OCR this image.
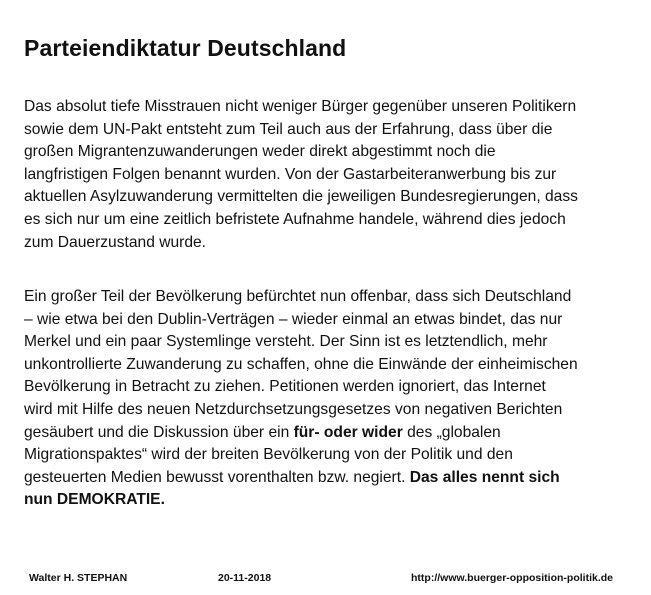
Parteiendiktatur Deutschland

Das absolut tiefe Misstrauen nicht weniger Bürger gegenüber unseren Politikern
sowie dem UN-Pakt entsteht zum Teil auch aus der Erfahrung, dass über die
großen Migrantenzuwanderungen weder direkt abgestimmt noch die
langfristigen Folgen benannt wurden. Von der Gastarbeiteranwerbung bis zur
aktuellen Asylzuwanderung vermittelten die jeweiligen Bundesregierungen, dass
es sich nur um eine zeitlich befristete Aufnahme handele, während dies jedoch
zum Dauerzustand wurde.

Ein großer Teil der Bevölkerung befürchtet nun offenbar, dass sich Deutschland
– wie etwa bei den Dublin-Verträgen – wieder einmal an etwas bindet, das nur
Merkel und ein paar Systemlinge versteht. Der Sinn ist es letztendlich, mehr
unkontrollierte Zuwanderung zu schaffen, ohne die Einwände der einheimischen
Bevölkerung in Betracht zu ziehen. Petitionen werden ignoriert, das Internet
wird mit Hilfe des neuen Netzdurchsetzungsgesetzes von negativen Berichten
gesäubert und die Diskussion über ein für- oder wider des „globalen
Migrationspaktes“ wird der breiten Bevölkerung von der Politik und den
gesteuerten Medien bewusst vorenthalten bzw. negiert. Das alles nennt sich
nun DEMOKRATIE.

Walter H. STEPHAN	20-11-2018	http://www.buerger-opposition-politik.de
